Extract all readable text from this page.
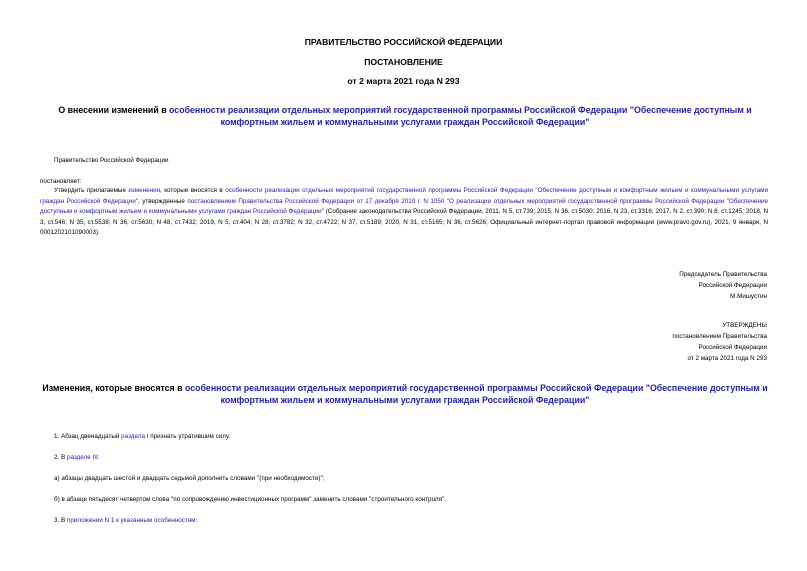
ПРАВИТЕЛЬСТВО РОССИЙСКОЙ ФЕДЕРАЦИИ
ПОСТАНОВЛЕНИЕ
от 2 марта 2021 года N 293
О внесении изменений в особенности реализации отдельных мероприятий государственной программы Российской Федерации "Обеспечение доступным и комфортным жильем и коммунальными услугами граждан Российской Федерации"
Правительство Российской Федерации
постановляет:
Утвердить прилагаемые изменения, которые вносятся в особенности реализации отдельных мероприятий государственной программы Российской Федерации "Обеспечение доступным и комфортным жильем и коммунальными услугами граждан Российской Федерации", утвержденные постановлением Правительства Российской Федерации от 17 декабря 2010 г. N 1050 "О реализации отдельных мероприятий государственной программы Российской Федерации "Обеспечение доступным и комфортным жильем и коммунальными услугами граждан Российской Федерации" (Собрание законодательства Российской Федерации, 2011, N 5, ст.739; 2015, N 36, ст.5030; 2016, N 23, ст.3316; 2017, N 2, ст.390; N 8, ст.1245; 2018, N 3, ст.546; N 35, ст.5538; N 36, ст.5630; N 48, ст.7432; 2019, N 5, ст.404; N 28, ст.3782; N 32, ст.4722; N 37, ст.5189; 2020, N 31, ст.5165; N 36, ст.5626; Официальный интернет-портал правовой информации (www.pravo.gov.ru), 2021, 9 января, N 0001202101090003).
Председатель Правительства
Российской Федерации
М.Мишустин
УТВЕРЖДЕНЫ
постановлением Правительства
Российской Федерации
от 2 марта 2021 года N 293
Изменения, которые вносятся в особенности реализации отдельных мероприятий государственной программы Российской Федерации "Обеспечение доступным и комфортным жильем и коммунальными услугами граждан Российской Федерации"
1. Абзац двенадцатый раздела I признать утратившим силу.
2. В разделе III:
а) абзацы двадцать шестой и двадцать седьмой дополнить словами "(при необходимости)";
б) в абзаце пятьдесят четвертом слова "по сопровождению инвестиционных программ" заменить словами "строительного контроля".
3. В приложении N 1 к указанным особенностям:
